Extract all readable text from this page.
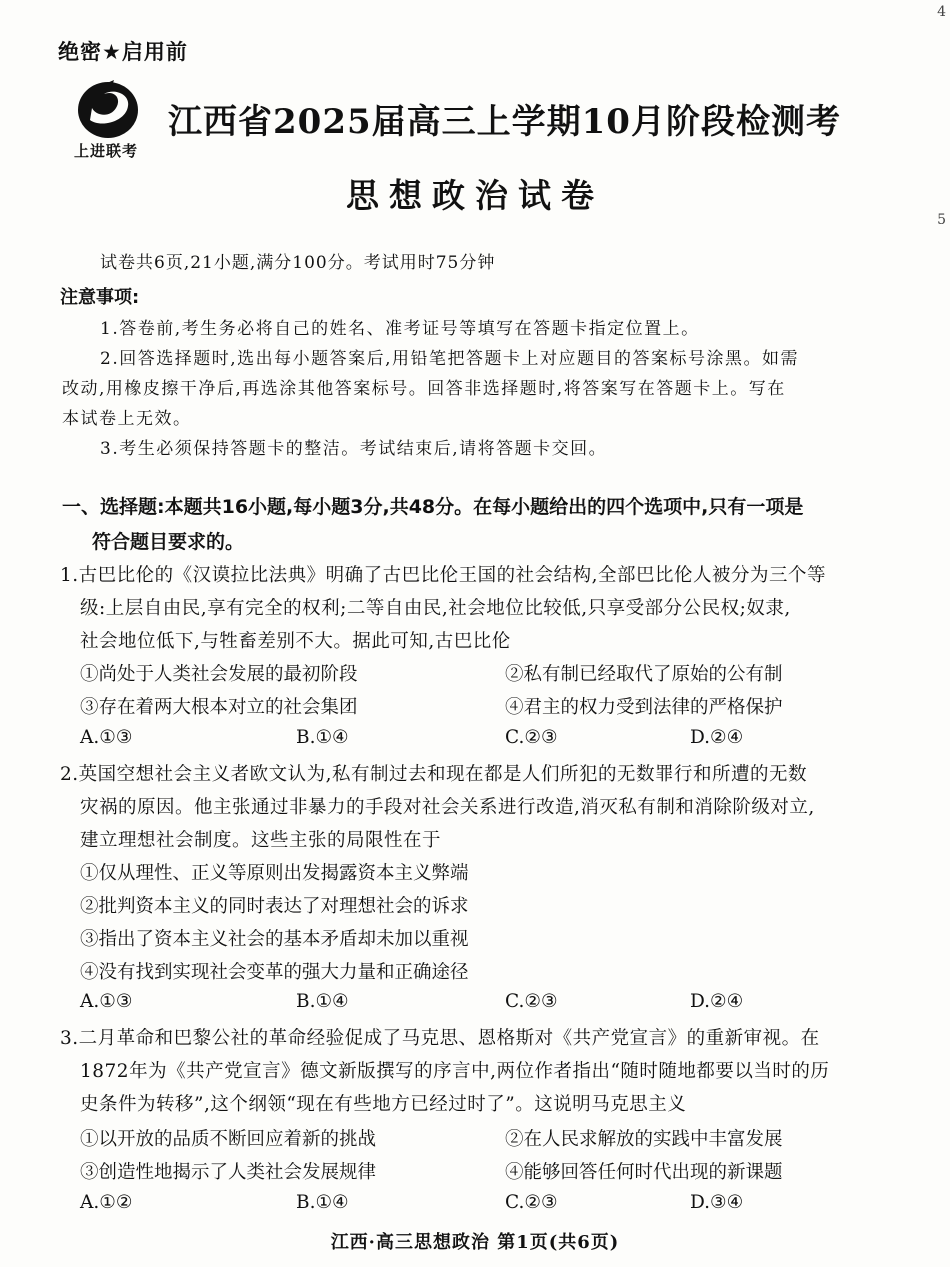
绝密★启用前
上进联考
江西省2025届高三上学期10月阶段检测考
思想政治试卷
4
5
试卷共6页,21小题,满分100分。考试用时75分钟
注意事项:
1.答卷前,考生务必将自己的姓名、准考证号等填写在答题卡指定位置上。
2.回答选择题时,选出每小题答案后,用铅笔把答题卡上对应题目的答案标号涂黑。如需
改动,用橡皮擦干净后,再选涂其他答案标号。回答非选择题时,将答案写在答题卡上。写在
本试卷上无效。
3.考生必须保持答题卡的整洁。考试结束后,请将答题卡交回。
一、选择题:本题共16小题,每小题3分,共48分。在每小题给出的四个选项中,只有一项是
符合题目要求的。
1.古巴比伦的《汉谟拉比法典》明确了古巴比伦王国的社会结构,全部巴比伦人被分为三个等
级:上层自由民,享有完全的权利;二等自由民,社会地位比较低,只享受部分公民权;奴隶,
社会地位低下,与牲畜差别不大。据此可知,古巴比伦
①尚处于人类社会发展的最初阶段	②私有制已经取代了原始的公有制
③存在着两大根本对立的社会集团	④君主的权力受到法律的严格保护
A.①③	B.①④	C.②③	D.②④
2.英国空想社会主义者欧文认为,私有制过去和现在都是人们所犯的无数罪行和所遭的无数
灾祸的原因。他主张通过非暴力的手段对社会关系进行改造,消灭私有制和消除阶级对立,
建立理想社会制度。这些主张的局限性在于
①仅从理性、正义等原则出发揭露资本主义弊端
②批判资本主义的同时表达了对理想社会的诉求
③指出了资本主义社会的基本矛盾却未加以重视
④没有找到实现社会变革的强大力量和正确途径
A.①③	B.①④	C.②③	D.②④
3.二月革命和巴黎公社的革命经验促成了马克思、恩格斯对《共产党宣言》的重新审视。在
1872年为《共产党宣言》德文新版撰写的序言中,两位作者指出“随时随地都要以当时的历
史条件为转移”,这个纲领“现在有些地方已经过时了”。这说明马克思主义
①以开放的品质不断回应着新的挑战	②在人民求解放的实践中丰富发展
③创造性地揭示了人类社会发展规律	④能够回答任何时代出现的新课题
A.①②	B.①④	C.②③	D.③④
江西·高三思想政治 第1页(共6页)
